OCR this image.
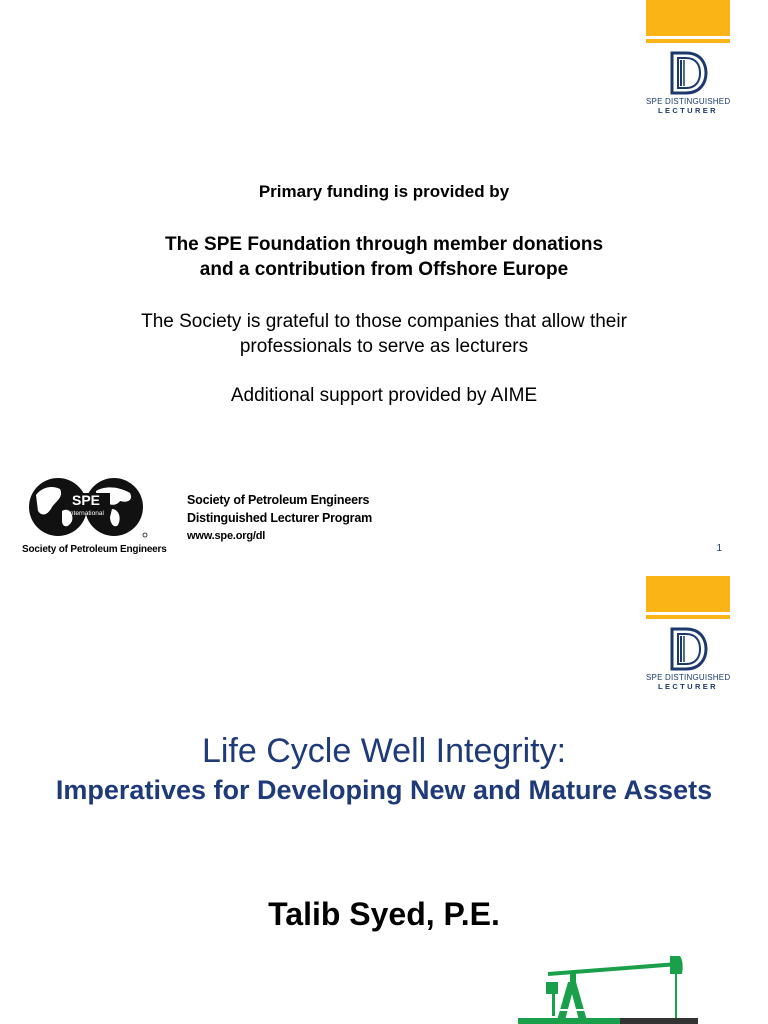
SPE DISTINGUISHED
LECTURER
Primary funding is provided by
The SPE Foundation through member donations
and a contribution from Offshore Europe
The Society is grateful to those companies that allow their
professionals to serve as lecturers
Additional support provided by AIME
SPE
International
Society of Petroleum Engineers
Society of Petroleum Engineers
Distinguished Lecturer Program
www.spe.org/dl
1
SPE DISTINGUISHED
LECTURER
Life Cycle Well Integrity:
Imperatives for Developing New and Mature Assets
Talib Syed, P.E.
